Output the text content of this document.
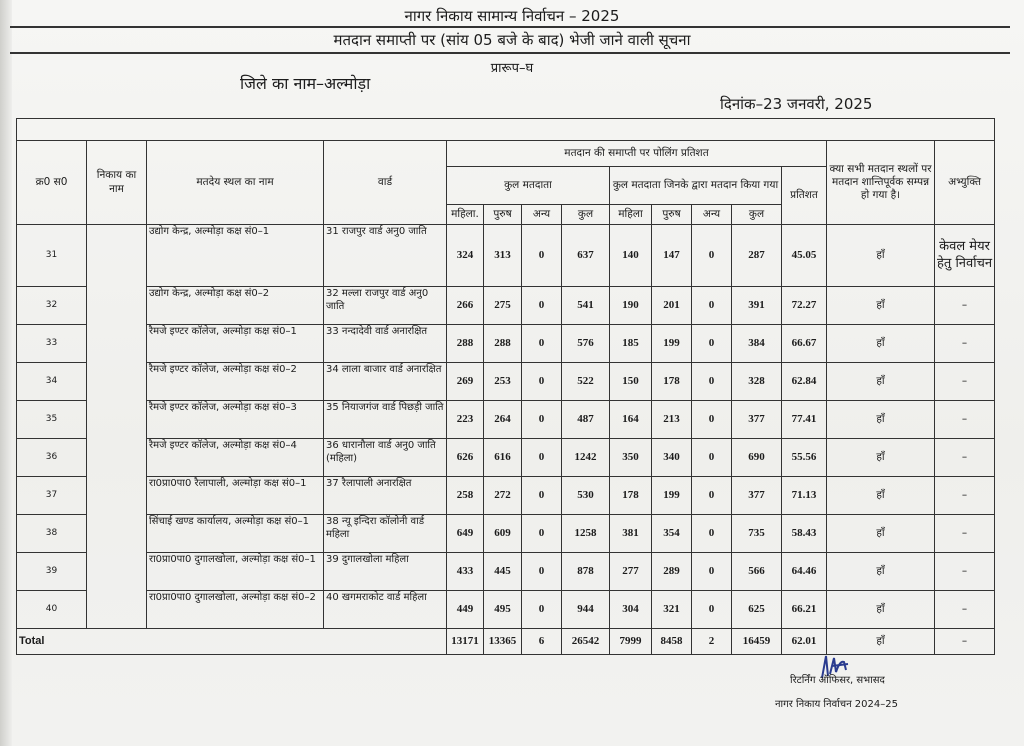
नागर निकाय सामान्य निर्वाचन – 2025
मतदान समाप्ती पर (सांय 05 बजे के बाद) भेजी जाने वाली सूचना
प्रारूप–घ
जिले का नाम–अल्मोड़ा
दिनांक–23 जनवरी, 2025

क्र0 स0	निकाय का नाम	मतदेय स्थल का नाम	वार्ड	मतदान की समाप्ती पर पोलिंग प्रतिशत									क्या सभी मतदान स्थलों पर मतदान शान्तिपूर्वक सम्पन्न हो गया है।	अभ्युक्ति
				कुल मतदाता				कुल मतदाता जिनके द्वारा मतदान किया गया				प्रतिशत		
				महिला.	पुरुष	अन्य	कुल	महिला	पुरुष	अन्य	कुल			
31		उद्योग केन्द्र, अल्मोड़ा कक्ष सं0–1	31 राजपुर वार्ड अनु0 जाति	324	313	0	637	140	147	0	287	45.05	हाँ	केवल मेयर हेतु निर्वाचन
32		उद्योग केन्द्र, अल्मोड़ा कक्ष सं0–2	32 मल्ला राजपुर वार्ड अनु0 जाति	266	275	0	541	190	201	0	391	72.27	हाँ	–
33		रैमजे इण्टर कॉलेज, अल्मोड़ा कक्ष सं0–1	33 नन्दादेवी वार्ड अनारक्षित	288	288	0	576	185	199	0	384	66.67	हाँ	–
34		रैमजे इण्टर कॉलेज, अल्मोड़ा कक्ष सं0–2	34 लाला बाजार वार्ड अनारक्षित	269	253	0	522	150	178	0	328	62.84	हाँ	–
35		रैमजे इण्टर कॉलेज, अल्मोड़ा कक्ष सं0–3	35 नियाजगंज वार्ड पिछड़ी जाति	223	264	0	487	164	213	0	377	77.41	हाँ	–
36		रैमजे इण्टर कॉलेज, अल्मोड़ा कक्ष सं0–4	36 धारानौला वार्ड अनु0 जाति (महिला)	626	616	0	1242	350	340	0	690	55.56	हाँ	–
37		रा0प्रा0पा0 रैलापाली, अल्मोड़ा कक्ष सं0–1	37 रैलापाली अनारक्षित	258	272	0	530	178	199	0	377	71.13	हाँ	–
38		सिंचाई खण्ड कार्यालय, अल्मोड़ा कक्ष सं0–1	38 न्यू इन्दिरा कॉलोनी वार्ड महिला	649	609	0	1258	381	354	0	735	58.43	हाँ	–
39		रा0प्रा0पा0 दुगालखोला, अल्मोड़ा कक्ष सं0–1	39 दुगालखोला महिला	433	445	0	878	277	289	0	566	64.46	हाँ	–
40		रा0प्रा0पा0 दुगालखोला, अल्मोड़ा कक्ष सं0–2	40 खगमराकोट वार्ड महिला	449	495	0	944	304	321	0	625	66.21	हाँ	–
Total				13171	13365	6	26542	7999	8458	2	16459	62.01	हाँ	–
रिटर्निंग ऑफिसर, सभासद
नागर निकाय निर्वाचन 2024–25
